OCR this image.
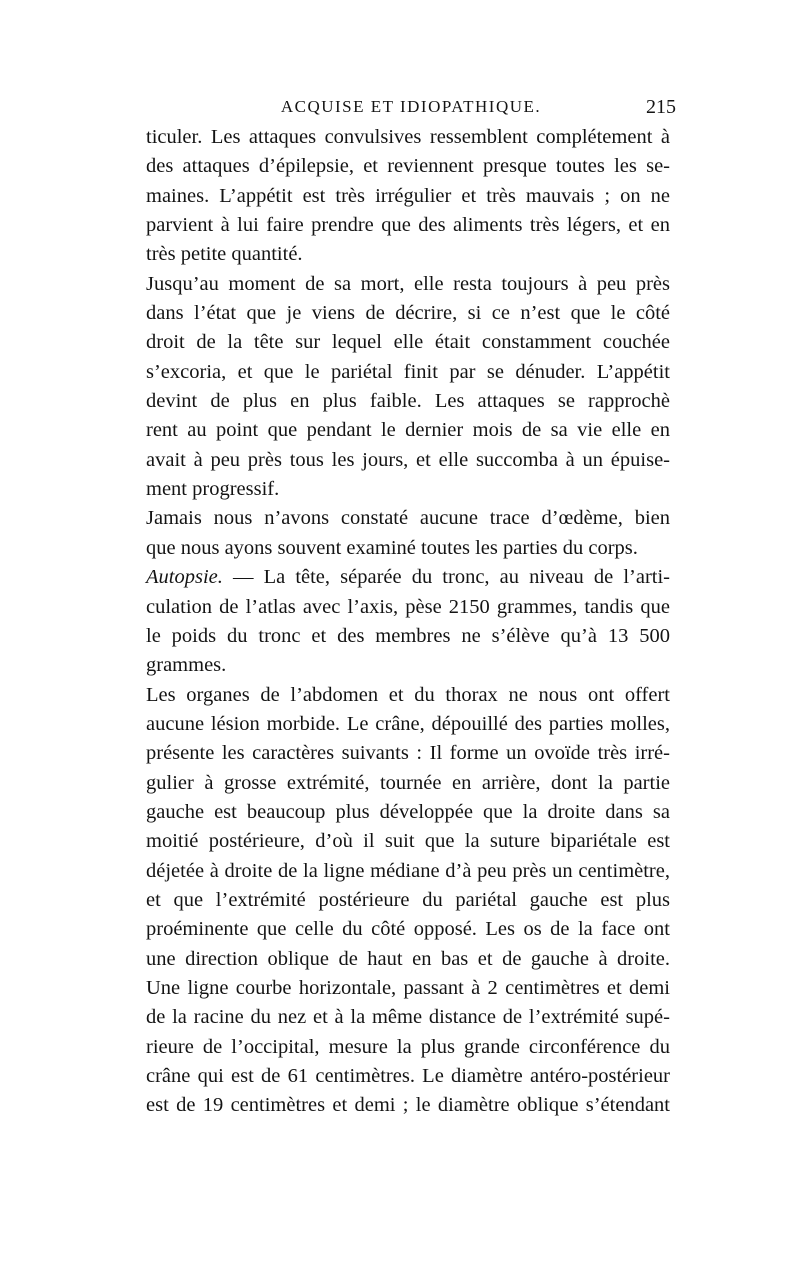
ACQUISE ET IDIOPATHIQUE.	215
ticuler. Les attaques convulsives ressemblent complétement à
des attaques d’épilepsie, et reviennent presque toutes les se-
maines. L’appétit est très irrégulier et très mauvais ; on ne
parvient à lui faire prendre que des aliments très légers, et en
très petite quantité.
Jusqu’au moment de sa mort, elle resta toujours à peu près
dans l’état que je viens de décrire, si ce n’est que le côté
droit de la tête sur lequel elle était constamment couchée
s’excoria, et que le pariétal finit par se dénuder. L’appétit
devint de plus en plus faible. Les attaques se rapprochè
rent au point que pendant le dernier mois de sa vie elle en
avait à peu près tous les jours, et elle succomba à un épuise-
ment progressif.
Jamais nous n’avons constaté aucune trace d’œdème, bien
que nous ayons souvent examiné toutes les parties du corps.
Autopsie. — La tête, séparée du tronc, au niveau de l’arti-
culation de l’atlas avec l’axis, pèse 2150 grammes, tandis que
le poids du tronc et des membres ne s’élève qu’à 13 500
grammes.
Les organes de l’abdomen et du thorax ne nous ont offert
aucune lésion morbide. Le crâne, dépouillé des parties molles,
présente les caractères suivants : Il forme un ovoïde très irré-
gulier à grosse extrémité, tournée en arrière, dont la partie
gauche est beaucoup plus développée que la droite dans sa
moitié postérieure, d’où il suit que la suture bipariétale est
déjetée à droite de la ligne médiane d’à peu près un centimètre,
et que l’extrémité postérieure du pariétal gauche est plus
proéminente que celle du côté opposé. Les os de la face ont
une direction oblique de haut en bas et de gauche à droite.
Une ligne courbe horizontale, passant à 2 centimètres et demi
de la racine du nez et à la même distance de l’extrémité supé-
rieure de l’occipital, mesure la plus grande circonférence du
crâne qui est de 61 centimètres. Le diamètre antéro-postérieur
est de 19 centimètres et demi ; le diamètre oblique s’étendant
